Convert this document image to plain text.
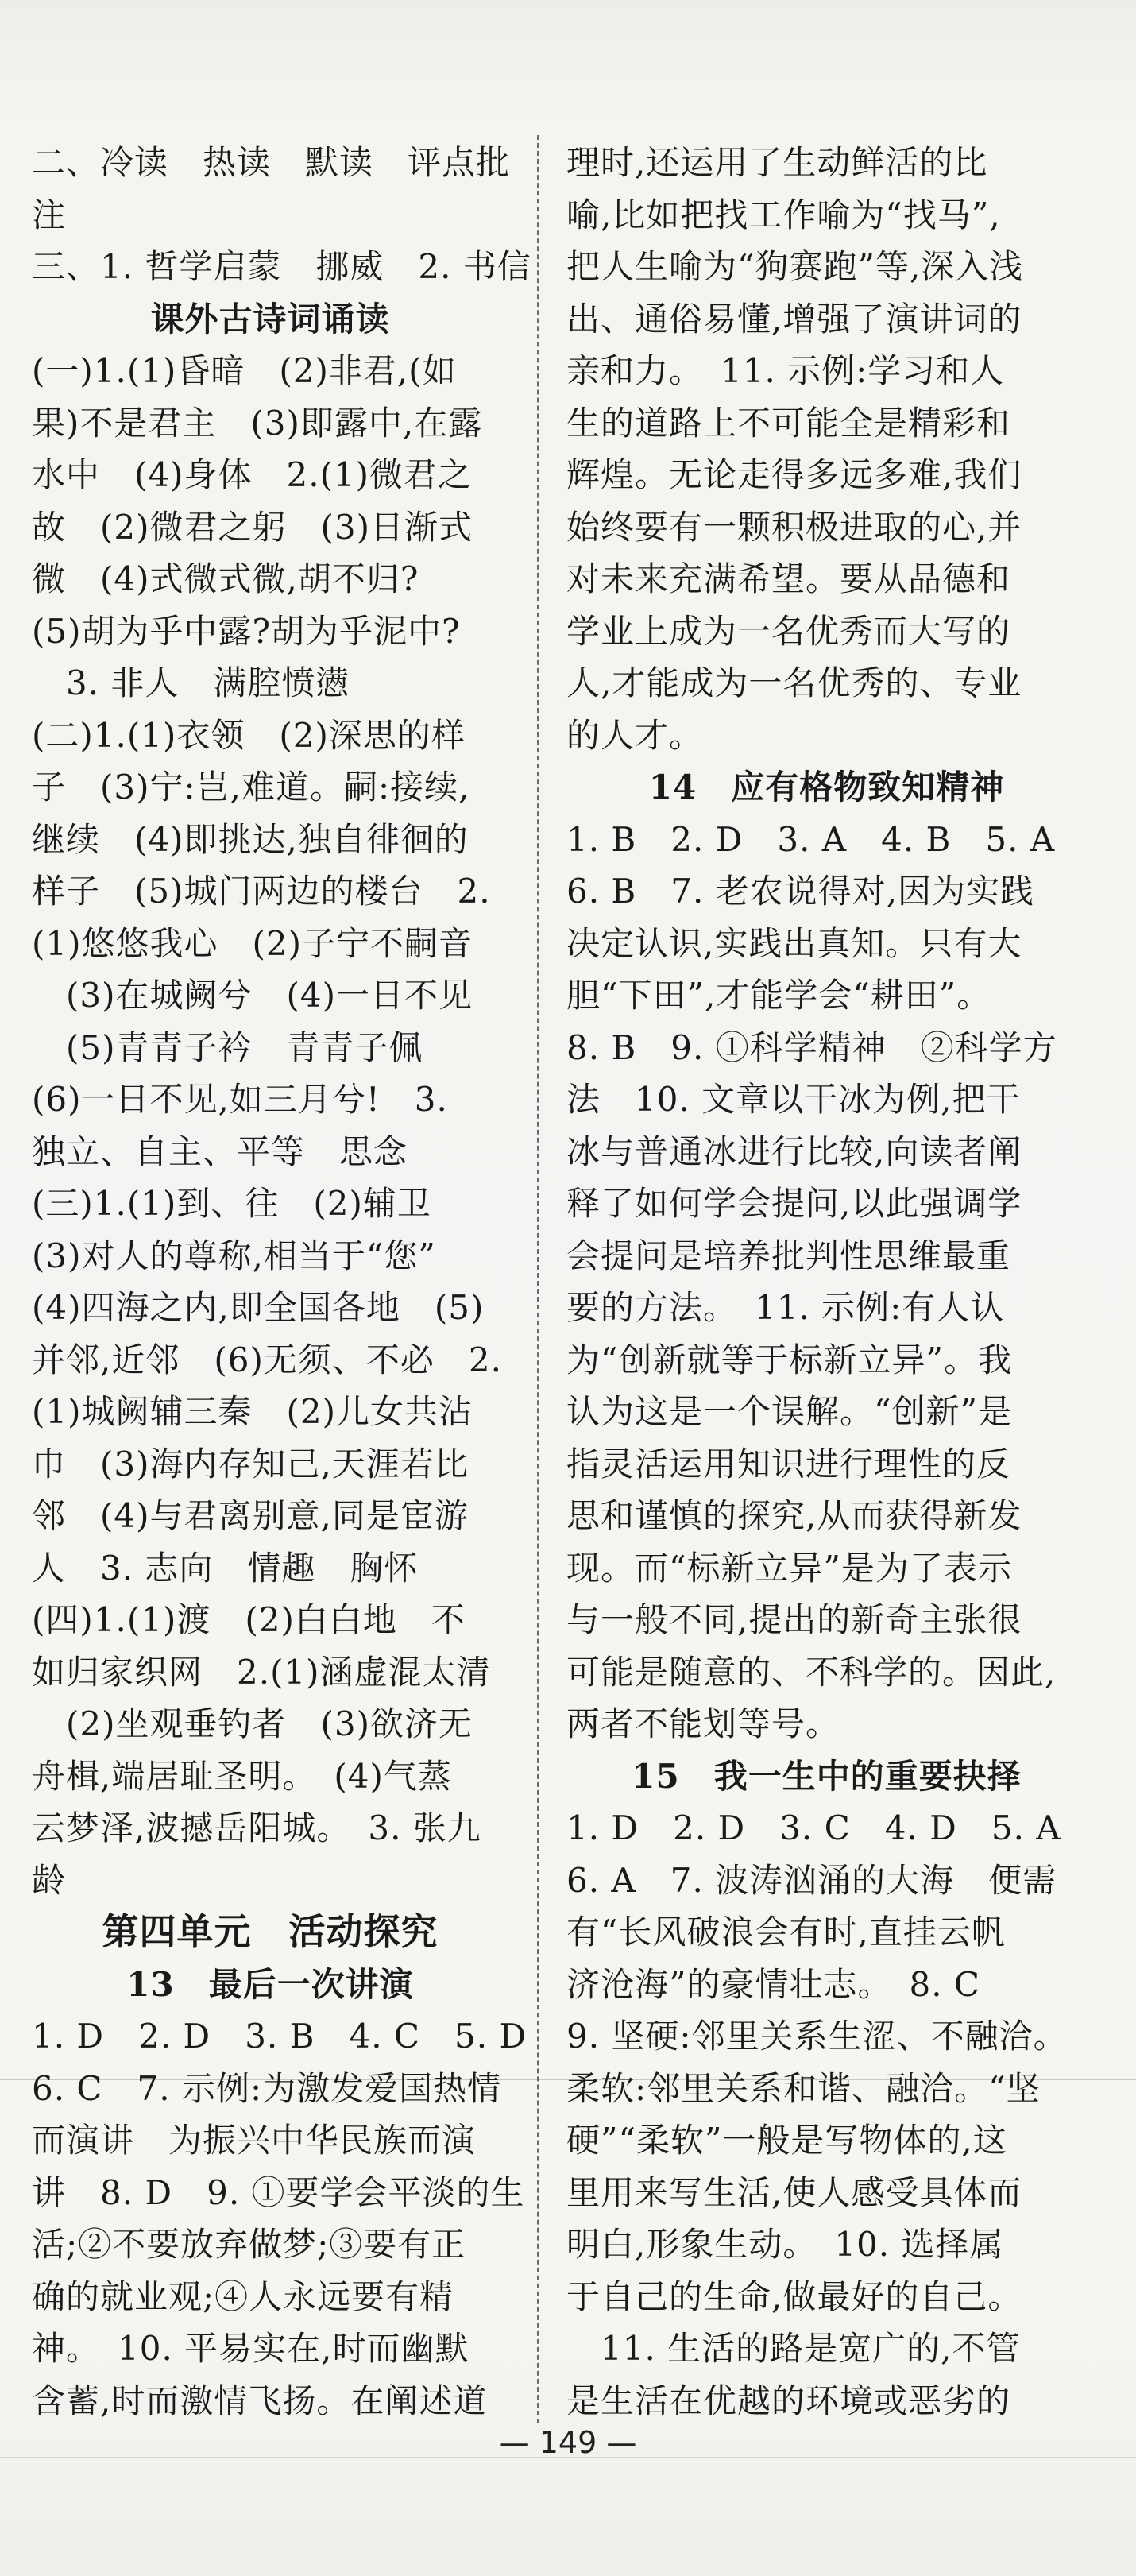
二、冷读　热读　默读　评点批
注
三、1. 哲学启蒙　挪威　2. 书信
课外古诗词诵读
(一)1.(1)昏暗　(2)非君,(如
果)不是君主　(3)即露中,在露
水中　(4)身体　2.(1)微君之
故　(2)微君之躬　(3)日渐式
微　(4)式微式微,胡不归?
(5)胡为乎中露?胡为乎泥中?
　3. 非人　满腔愤懑
(二)1.(1)衣领　(2)深思的样
子　(3)宁:岂,难道。嗣:接续,
继续　(4)即挑达,独自徘徊的
样子　(5)城门两边的楼台　2.
(1)悠悠我心　(2)子宁不嗣音
　(3)在城阙兮　(4)一日不见
　(5)青青子衿　青青子佩
(6)一日不见,如三月兮!　3.
独立、自主、平等　思念
(三)1.(1)到、往　(2)辅卫
(3)对人的尊称,相当于“您”
(4)四海之内,即全国各地　(5)
并邻,近邻　(6)无须、不必　2.
(1)城阙辅三秦　(2)儿女共沾
巾　(3)海内存知己,天涯若比
邻　(4)与君离别意,同是宦游
人　3. 志向　情趣　胸怀
(四)1.(1)渡　(2)白白地　不
如归家织网　2.(1)涵虚混太清
　(2)坐观垂钓者　(3)欲济无
舟楫,端居耻圣明。　(4)气蒸
云梦泽,波撼岳阳城。　3. 张九
龄
第四单元　活动探究
13　最后一次讲演
1. D　2. D　3. B　4. C　5. D
6. C　7. 示例:为激发爱国热情
而演讲　为振兴中华民族而演
讲　8. D　9. ①要学会平淡的生
活;②不要放弃做梦;③要有正
确的就业观;④人永远要有精
神。　10. 平易实在,时而幽默
含蓄,时而激情飞扬。在阐述道
理时,还运用了生动鲜活的比
喻,比如把找工作喻为“找马”,
把人生喻为“狗赛跑”等,深入浅
出、通俗易懂,增强了演讲词的
亲和力。　11. 示例:学习和人
生的道路上不可能全是精彩和
辉煌。无论走得多远多难,我们
始终要有一颗积极进取的心,并
对未来充满希望。要从品德和
学业上成为一名优秀而大写的
人,才能成为一名优秀的、专业
的人才。
14　应有格物致知精神
1. B　2. D　3. A　4. B　5. A
6. B　7. 老农说得对,因为实践
决定认识,实践出真知。只有大
胆“下田”,才能学会“耕田”。
8. B　9. ①科学精神　②科学方
法　10. 文章以干冰为例,把干
冰与普通冰进行比较,向读者阐
释了如何学会提问,以此强调学
会提问是培养批判性思维最重
要的方法。　11. 示例:有人认
为“创新就等于标新立异”。我
认为这是一个误解。“创新”是
指灵活运用知识进行理性的反
思和谨慎的探究,从而获得新发
现。而“标新立异”是为了表示
与一般不同,提出的新奇主张很
可能是随意的、不科学的。因此,
两者不能划等号。
15　我一生中的重要抉择
1. D　2. D　3. C　4. D　5. A
6. A　7. 波涛汹涌的大海　便需
有“长风破浪会有时,直挂云帆
济沧海”的豪情壮志。　8. C
9. 坚硬:邻里关系生涩、不融洽。
柔软:邻里关系和谐、融洽。“坚
硬”“柔软”一般是写物体的,这
里用来写生活,使人感受具体而
明白,形象生动。　10. 选择属
于自己的生命,做最好的自己。
　11. 生活的路是宽广的,不管
是生活在优越的环境或恶劣的
— 149 —
